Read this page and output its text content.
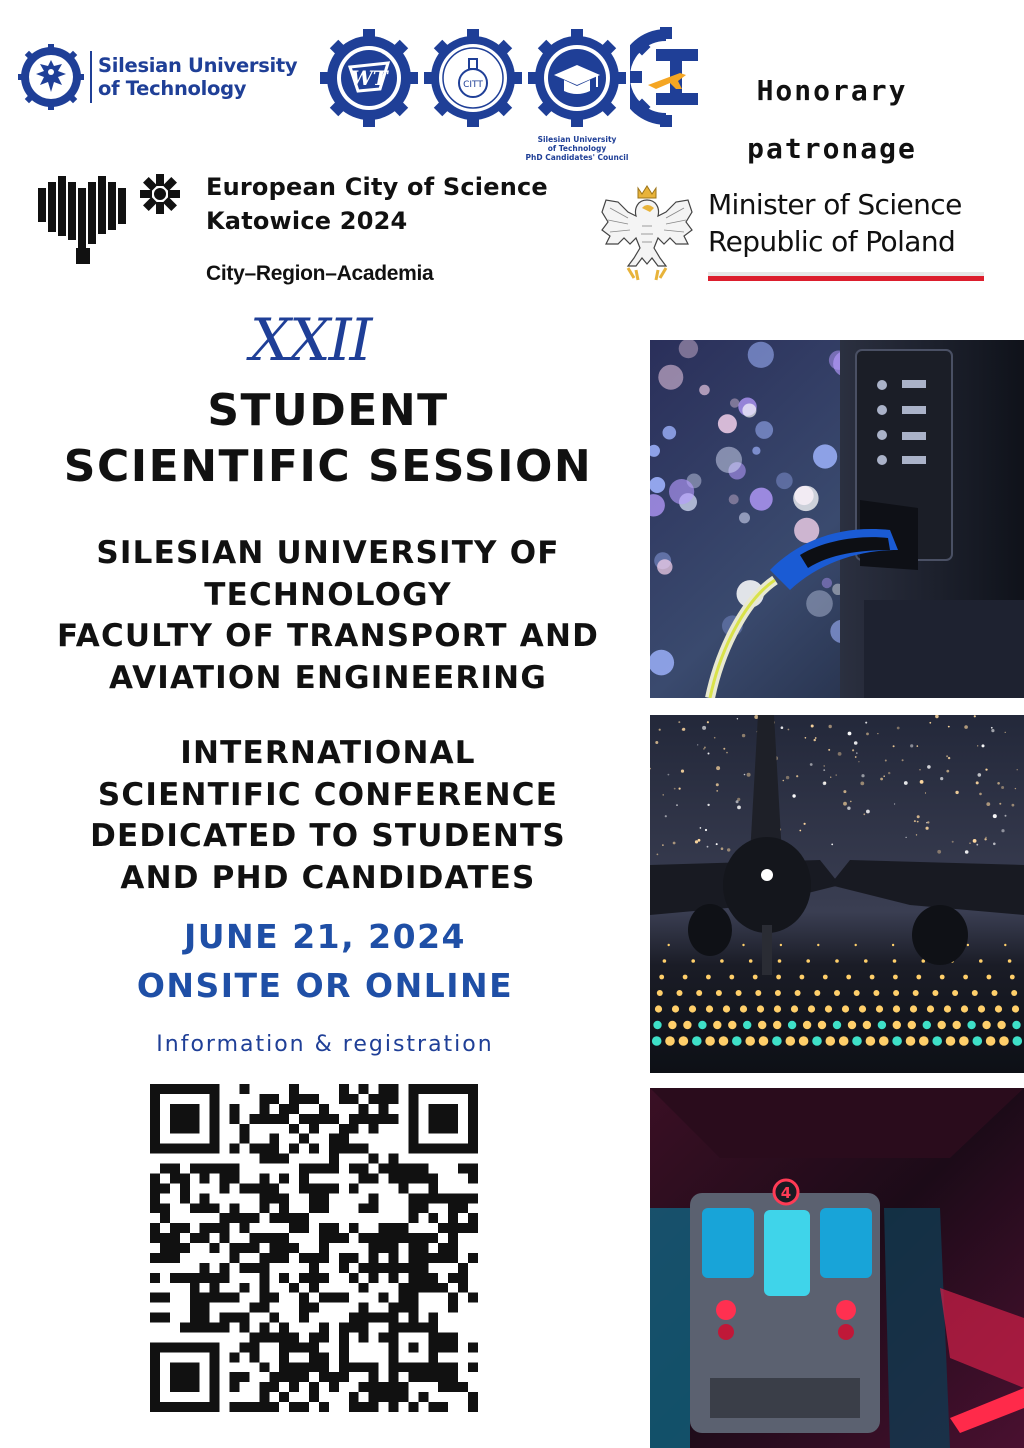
Silesian University
of Technology	WT	CITT
Silesian University
of Technology
PhD Candidates' Council
Honorary
patronage
European City of Science
Katowice 2024
City–Region–Academia
Minister of Science
Republic of Poland
XXII
STUDENT
SCIENTIFIC SESSION
SILESIAN UNIVERSITY OF
TECHNOLOGY
FACULTY OF TRANSPORT AND
AVIATION ENGINEERING
INTERNATIONAL
SCIENTIFIC CONFERENCE
DEDICATED TO STUDENTS
AND PHD CANDIDATES
JUNE 21, 2024
ONSITE OR ONLINE
Information & registration
4
